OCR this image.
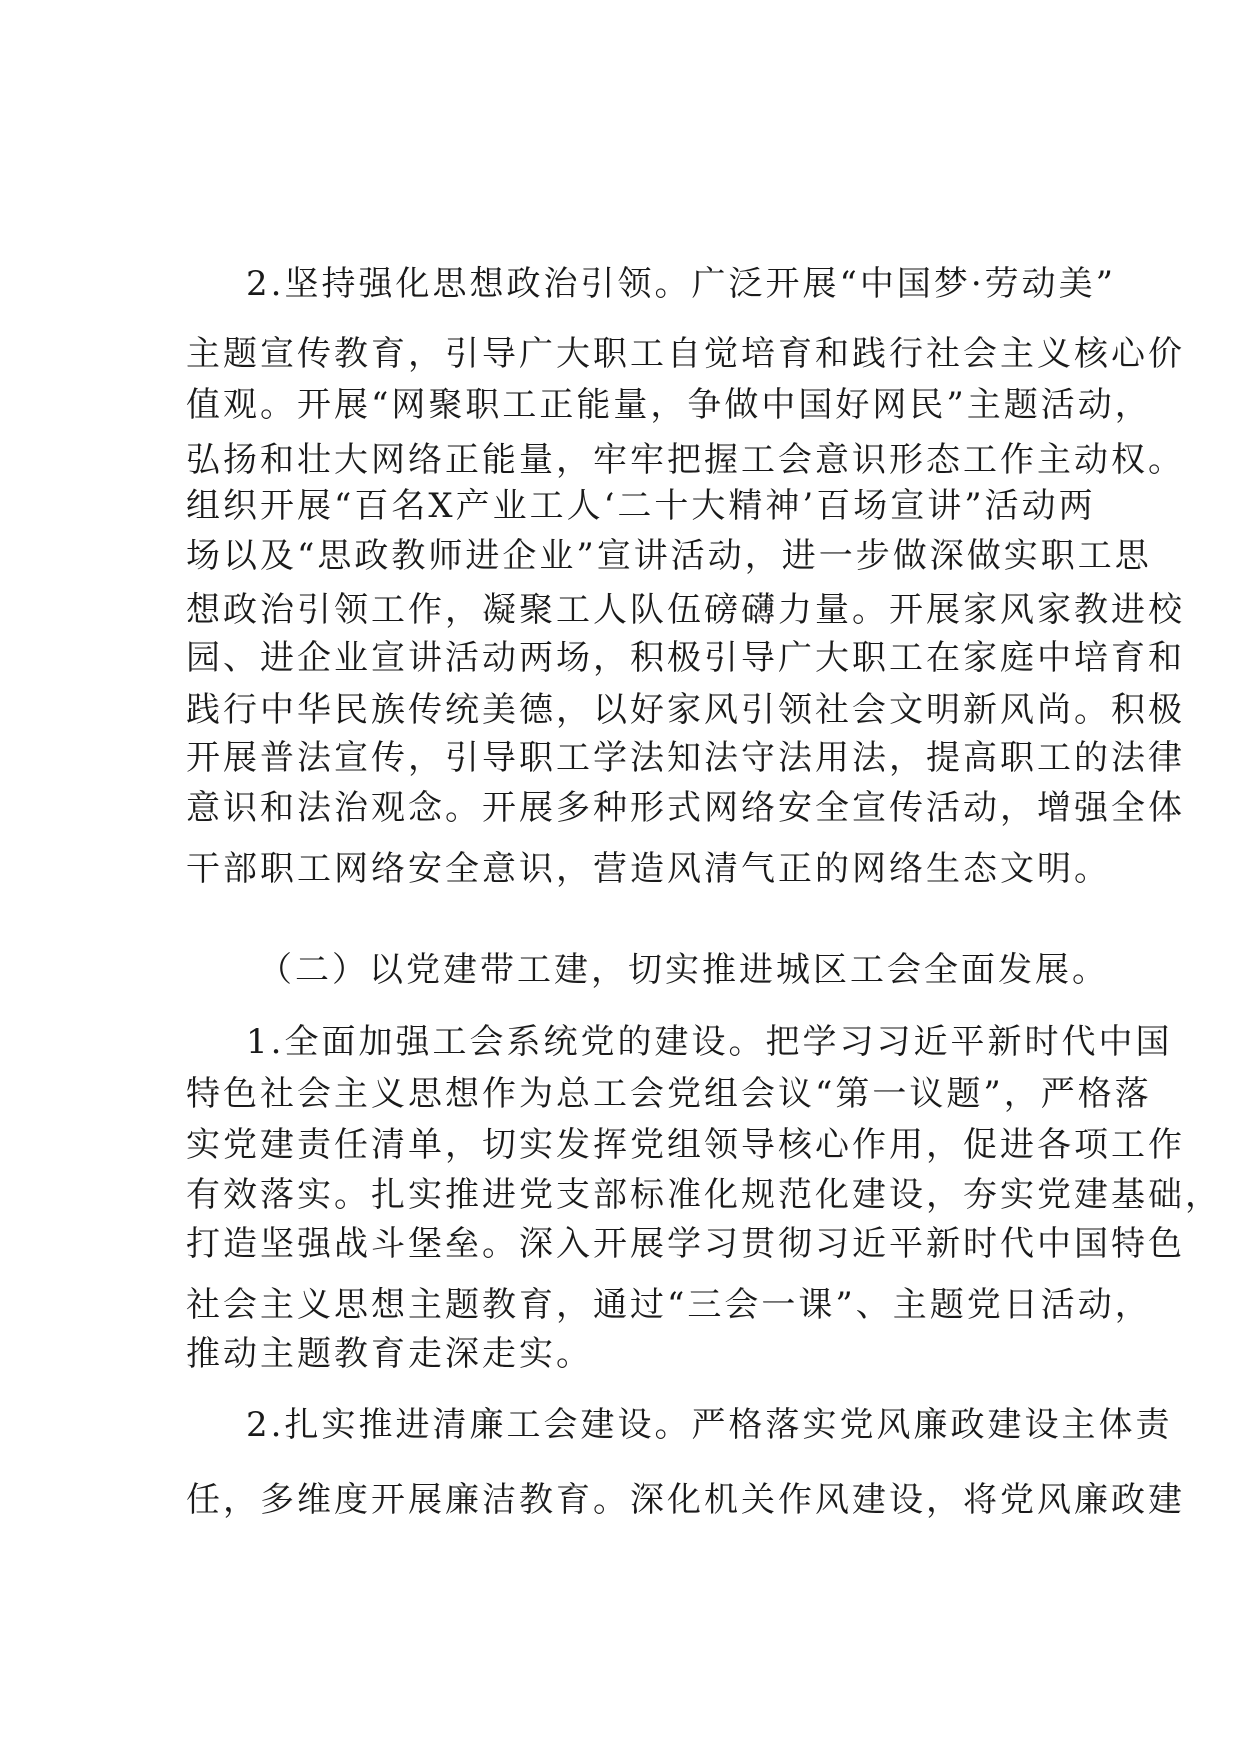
2.坚持强化思想政治引领。广泛开展“中国梦·劳动美”
主题宣传教育，引导广大职工自觉培育和践行社会主义核心价
值观。开展“网聚职工正能量，争做中国好网民”主题活动，
弘扬和壮大网络正能量，牢牢把握工会意识形态工作主动权。
组织开展“百名X产业工人‘二十大精神’百场宣讲”活动两
场以及“思政教师进企业”宣讲活动，进一步做深做实职工思
想政治引领工作，凝聚工人队伍磅礴力量。开展家风家教进校
园、进企业宣讲活动两场，积极引导广大职工在家庭中培育和
践行中华民族传统美德，以好家风引领社会文明新风尚。积极
开展普法宣传，引导职工学法知法守法用法，提高职工的法律
意识和法治观念。开展多种形式网络安全宣传活动，增强全体
干部职工网络安全意识，营造风清气正的网络生态文明。
（二）以党建带工建，切实推进城区工会全面发展。
1.全面加强工会系统党的建设。把学习习近平新时代中国
特色社会主义思想作为总工会党组会议“第一议题”，严格落
实党建责任清单，切实发挥党组领导核心作用，促进各项工作
有效落实。扎实推进党支部标准化规范化建设，夯实党建基础，
打造坚强战斗堡垒。深入开展学习贯彻习近平新时代中国特色
社会主义思想主题教育，通过“三会一课”、主题党日活动，
推动主题教育走深走实。
2.扎实推进清廉工会建设。严格落实党风廉政建设主体责
任，多维度开展廉洁教育。深化机关作风建设，将党风廉政建
